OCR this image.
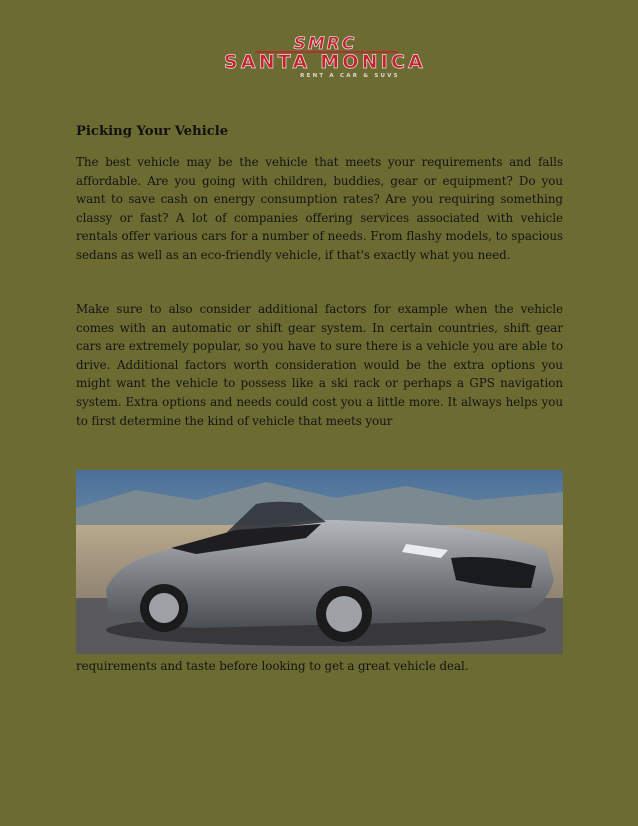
SMRC
SANTA MONICA
RENT A CAR & SUVS
Picking Your Vehicle

The best vehicle may be the vehicle that meets your requirements and falls affordable. Are you going with children, buddies, gear or equipment? Do you want to save cash on energy consumption rates? Are you requiring something classy or fast? A lot of companies offering services associated with vehicle rentals offer various cars for a number of needs. From flashy models, to spacious sedans as well as an eco-friendly vehicle, if that's exactly what you need.

Make sure to also consider additional factors for example when the vehicle comes with an automatic or shift gear system. In certain countries, shift gear cars are extremely popular, so you have to sure there is a vehicle you are able to drive. Additional factors worth consideration would be the extra options you might want the vehicle to possess like a ski rack or perhaps a GPS navigation system. Extra options and needs could cost you a little more. It always helps you to first determine the kind of vehicle that meets your

requirements and taste before looking to get a great vehicle deal.
